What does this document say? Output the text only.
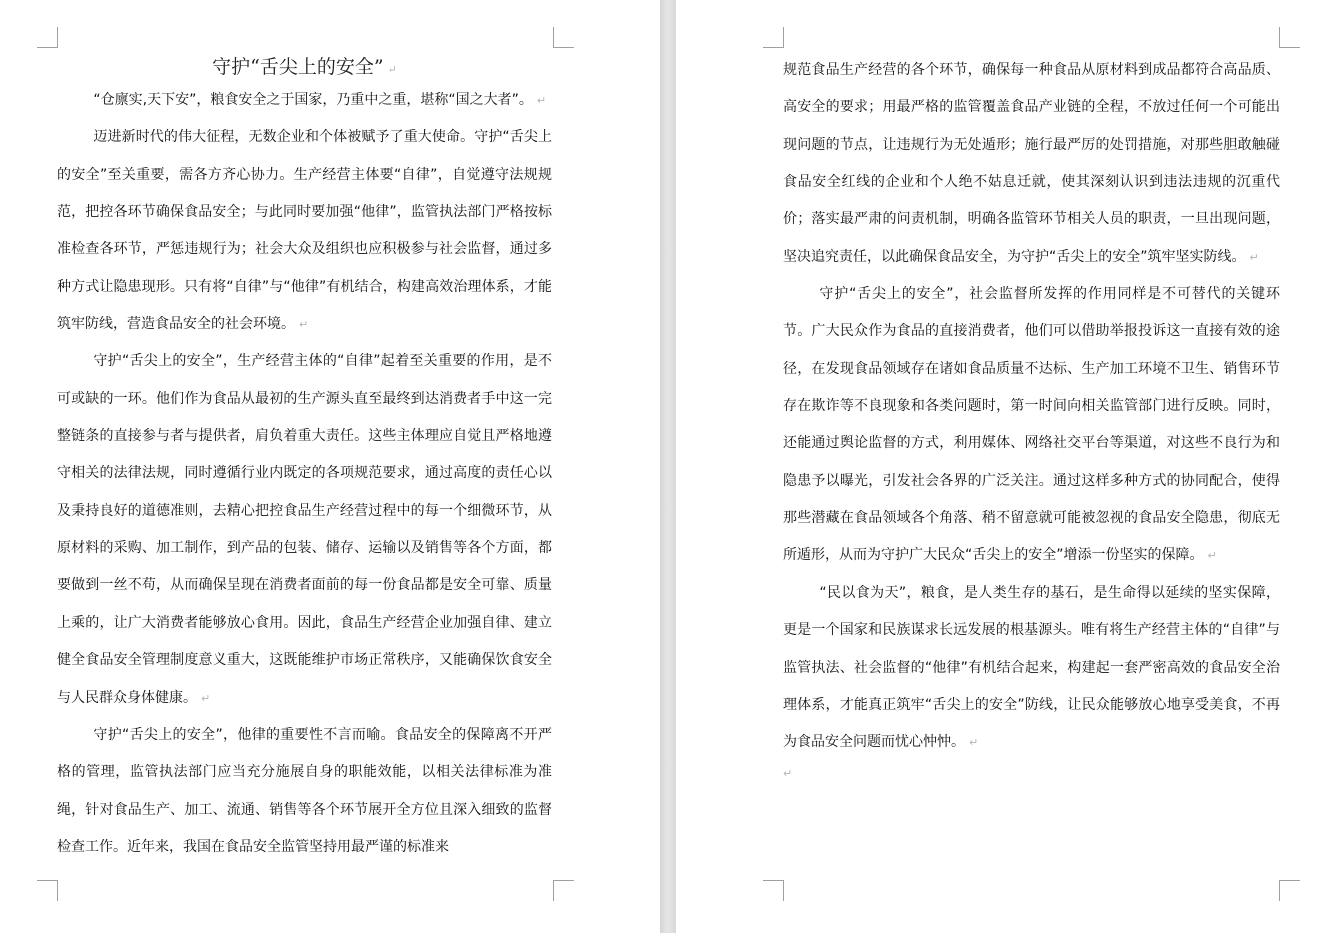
守护“舌尖上的安全” ↵

“仓廪实,天下安”，粮食安全之于国家，乃重中之重，堪称“国之大者”。 ↵

迈进新时代的伟大征程，无数企业和个体被赋予了重大使命。守护“舌尖上的安全”至关重要，需各方齐心协力。生产经营主体要“自律”，自觉遵守法规规范，把控各环节确保食品安全；与此同时要加强“他律”，监管执法部门严格按标准检查各环节，严惩违规行为；社会大众及组织也应积极参与社会监督，通过多种方式让隐患现形。只有将“自律”与“他律”有机结合，构建高效治理体系，才能筑牢防线，营造食品安全的社会环境。 ↵

守护“舌尖上的安全”，生产经营主体的“自律”起着至关重要的作用，是不可或缺的一环。他们作为食品从最初的生产源头直至最终到达消费者手中这一完整链条的直接参与者与提供者，肩负着重大责任。这些主体理应自觉且严格地遵守相关的法律法规，同时遵循行业内既定的各项规范要求，通过高度的责任心以及秉持良好的道德准则，去精心把控食品生产经营过程中的每一个细微环节，从原材料的采购、加工制作，到产品的包装、储存、运输以及销售等各个方面，都要做到一丝不苟，从而确保呈现在消费者面前的每一份食品都是安全可靠、质量上乘的，让广大消费者能够放心食用。因此，食品生产经营企业加强自律、建立健全食品安全管理制度意义重大，这既能维护市场正常秩序，又能确保饮食安全与人民群众身体健康。 ↵

守护“舌尖上的安全”，他律的重要性不言而喻。食品安全的保障离不开严格的管理，监管执法部门应当充分施展自身的职能效能，以相关法律标准为准绳，针对食品生产、加工、流通、销售等各个环节展开全方位且深入细致的监督检查工作。近年来，我国在食品安全监管坚持用最严谨的标准来

规范食品生产经营的各个环节，确保每一种食品从原材料到成品都符合高品质、高安全的要求；用最严格的监管覆盖食品产业链的全程，不放过任何一个可能出现问题的节点，让违规行为无处遁形；施行最严厉的处罚措施，对那些胆敢触碰食品安全红线的企业和个人绝不姑息迁就，使其深刻认识到违法违规的沉重代价；落实最严肃的问责机制，明确各监管环节相关人员的职责，一旦出现问题，坚决追究责任，以此确保食品安全，为守护“舌尖上的安全”筑牢坚实防线。 ↵

守护“舌尖上的安全”，社会监督所发挥的作用同样是不可替代的关键环节。广大民众作为食品的直接消费者，他们可以借助举报投诉这一直接有效的途径，在发现食品领域存在诸如食品质量不达标、生产加工环境不卫生、销售环节存在欺诈等不良现象和各类问题时，第一时间向相关监管部门进行反映。同时，还能通过舆论监督的方式，利用媒体、网络社交平台等渠道，对这些不良行为和隐患予以曝光，引发社会各界的广泛关注。通过这样多种方式的协同配合，使得那些潜藏在食品领域各个角落、稍不留意就可能被忽视的食品安全隐患，彻底无所遁形，从而为守护广大民众“舌尖上的安全”增添一份坚实的保障。 ↵

“民以食为天”，粮食，是人类生存的基石，是生命得以延续的坚实保障，更是一个国家和民族谋求长远发展的根基源头。唯有将生产经营主体的“自律”与监管执法、社会监督的“他律”有机结合起来，构建起一套严密高效的食品安全治理体系，才能真正筑牢“舌尖上的安全”防线，让民众能够放心地享受美食，不再为食品安全问题而忧心忡忡。 ↵

↵
